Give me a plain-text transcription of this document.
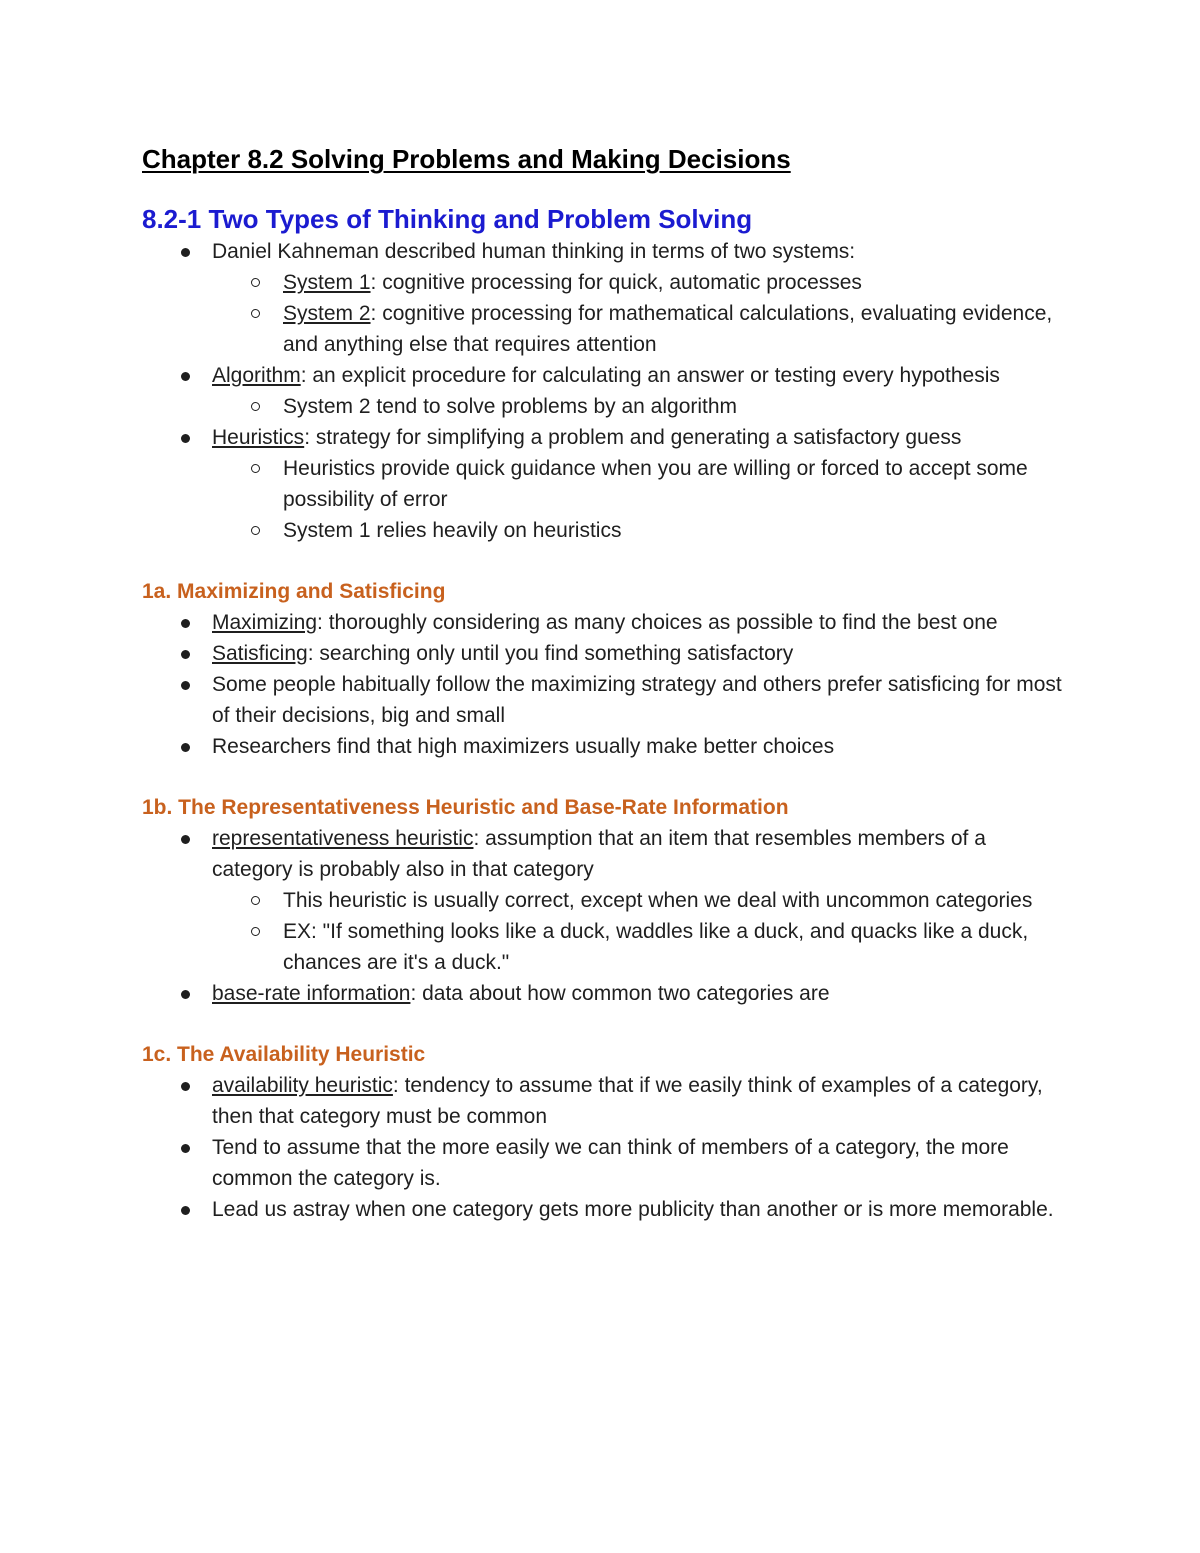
Chapter 8.2 Solving Problems and Making Decisions
8.2-1 Two Types of Thinking and Problem Solving
Daniel Kahneman described human thinking in terms of two systems:
System 1: cognitive processing for quick, automatic processes
System 2: cognitive processing for mathematical calculations, evaluating evidence, and anything else that requires attention
Algorithm: an explicit procedure for calculating an answer or testing every hypothesis
System 2 tend to solve problems by an algorithm
Heuristics: strategy for simplifying a problem and generating a satisfactory guess
Heuristics provide quick guidance when you are willing or forced to accept some possibility of error
System 1 relies heavily on heuristics
1a. Maximizing and Satisficing
Maximizing: thoroughly considering as many choices as possible to find the best one
Satisficing: searching only until you find something satisfactory
Some people habitually follow the maximizing strategy and others prefer satisficing for most of their decisions, big and small
Researchers find that high maximizers usually make better choices
1b. The Representativeness Heuristic and Base-Rate Information
representativeness heuristic: assumption that an item that resembles members of a category is probably also in that category
This heuristic is usually correct, except when we deal with uncommon categories
EX: "If something looks like a duck, waddles like a duck, and quacks like a duck, chances are it's a duck."
base-rate information: data about how common two categories are
1c. The Availability Heuristic
availability heuristic: tendency to assume that if we easily think of examples of a category, then that category must be common
Tend to assume that the more easily we can think of members of a category, the more common the category is.
Lead us astray when one category gets more publicity than another or is more memorable.
